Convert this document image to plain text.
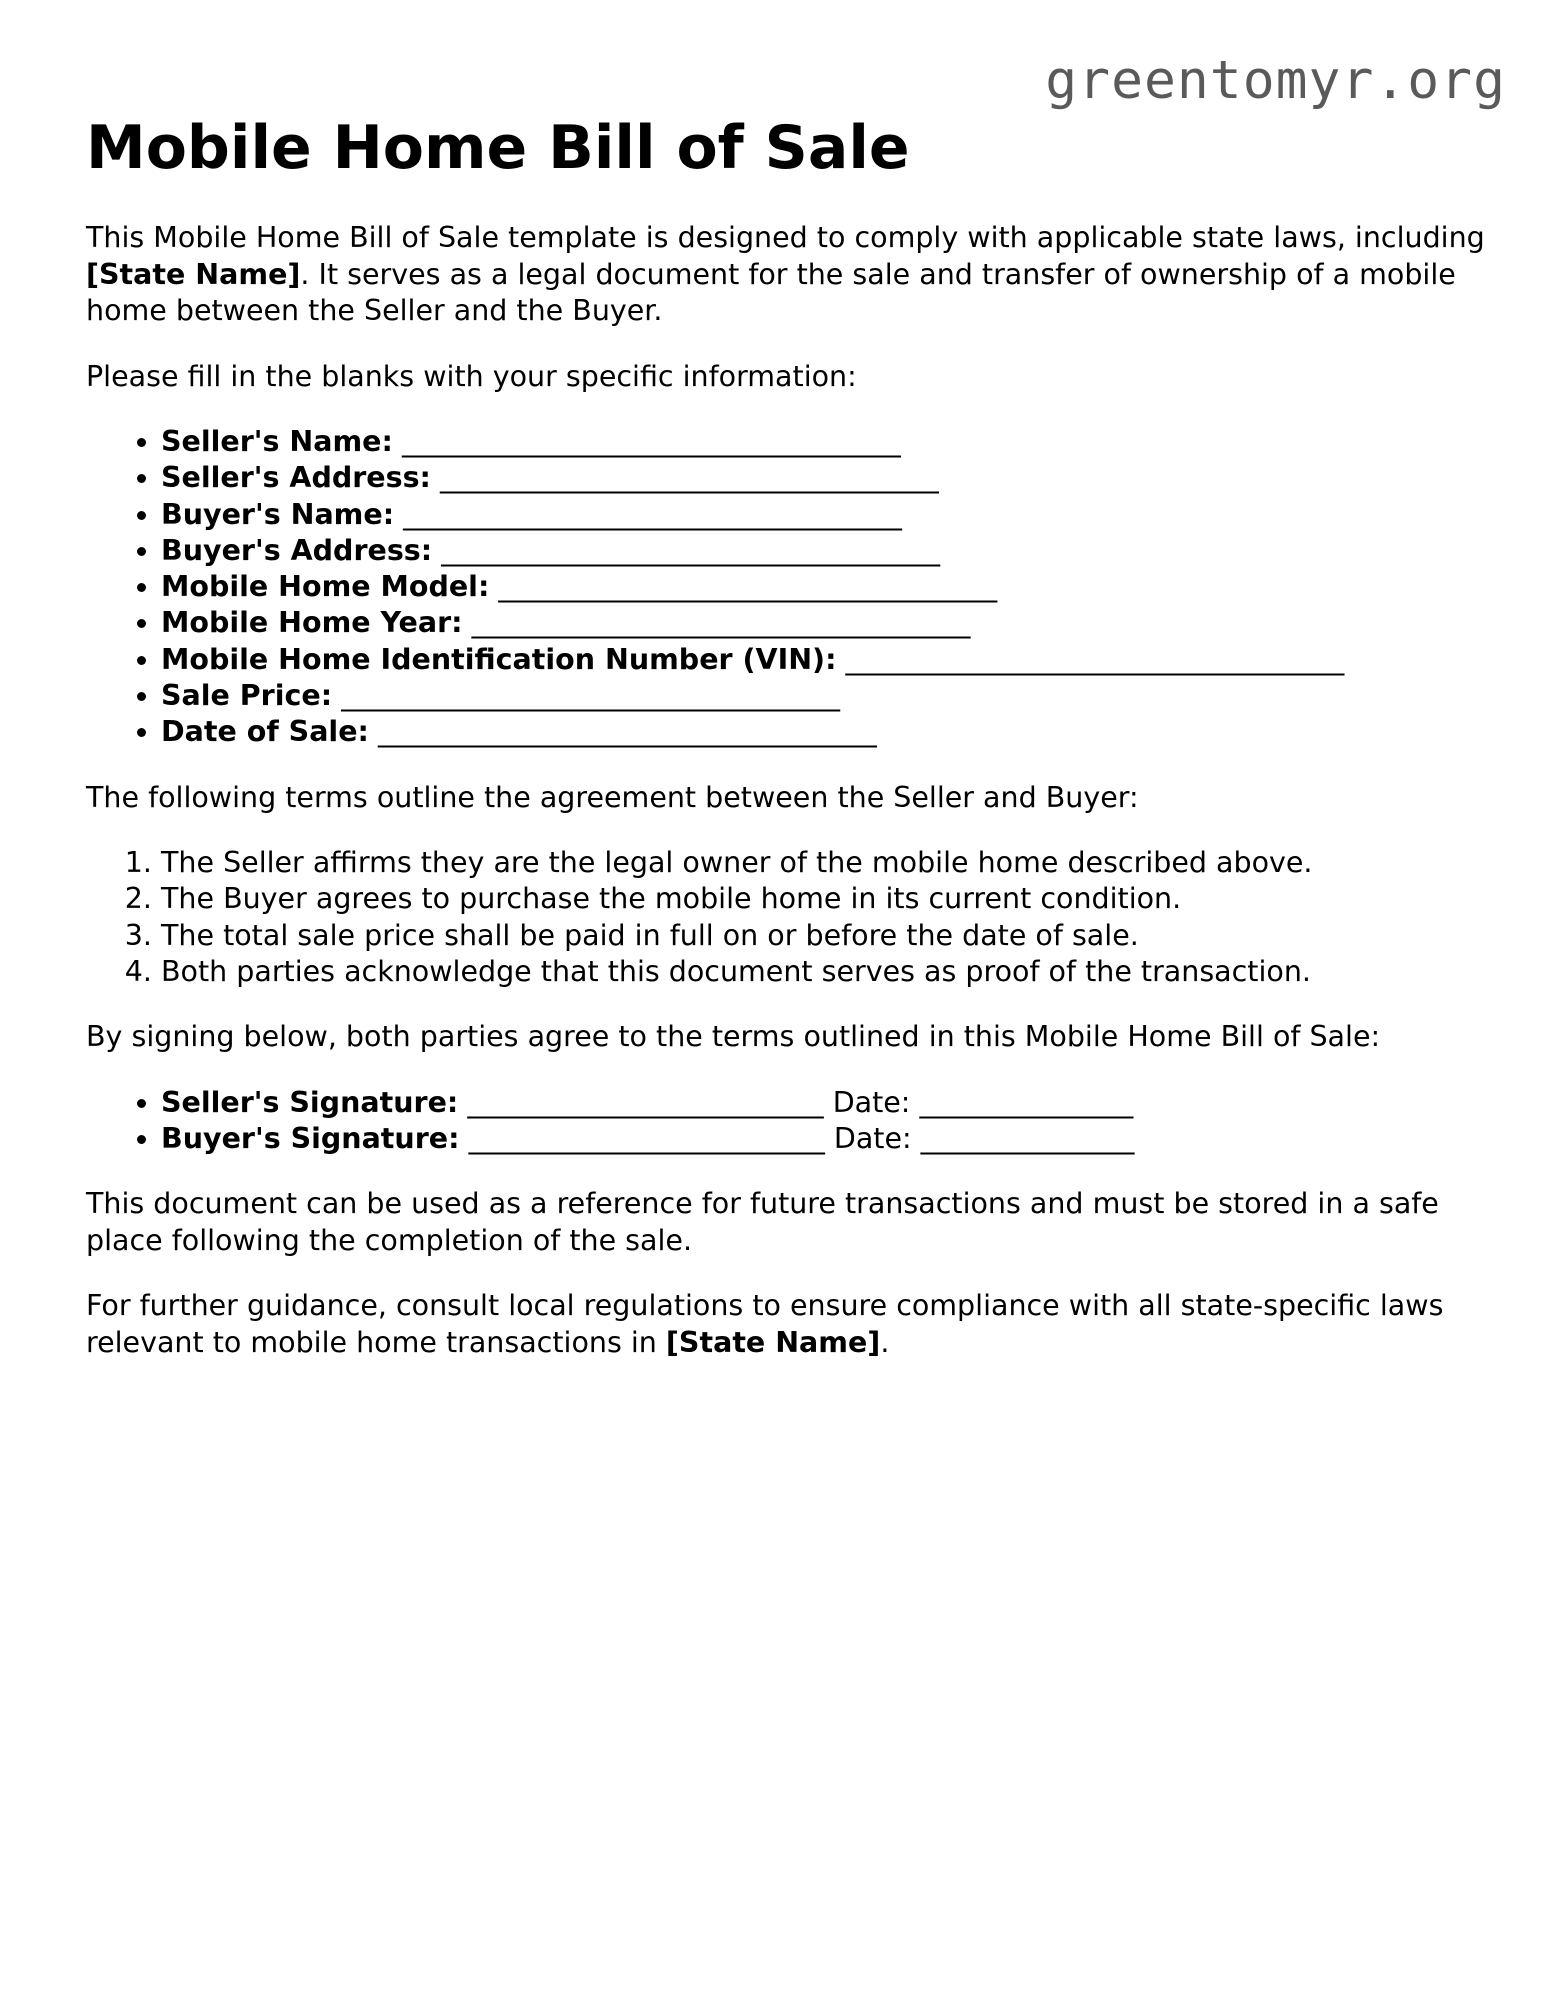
greentomyr.org
Mobile Home Bill of Sale

This Mobile Home Bill of Sale template is designed to comply with applicable state laws, including [State Name]. It serves as a legal document for the sale and transfer of ownership of a mobile home between the Seller and the Buyer.

Please fill in the blanks with your specific information:

• Seller's Name: ___________________________________
• Seller's Address: ___________________________________
• Buyer's Name: ___________________________________
• Buyer's Address: ___________________________________
• Mobile Home Model: ___________________________________
• Mobile Home Year: ___________________________________
• Mobile Home Identification Number (VIN): ___________________________________
• Sale Price: ___________________________________
• Date of Sale: ___________________________________

The following terms outline the agreement between the Seller and Buyer:

1. The Seller affirms they are the legal owner of the mobile home described above.
2. The Buyer agrees to purchase the mobile home in its current condition.
3. The total sale price shall be paid in full on or before the date of sale.
4. Both parties acknowledge that this document serves as proof of the transaction.

By signing below, both parties agree to the terms outlined in this Mobile Home Bill of Sale:

• Seller's Signature: _________________________ Date: _______________
• Buyer's Signature: _________________________ Date: _______________

This document can be used as a reference for future transactions and must be stored in a safe place following the completion of the sale.

For further guidance, consult local regulations to ensure compliance with all state-specific laws relevant to mobile home transactions in [State Name].
